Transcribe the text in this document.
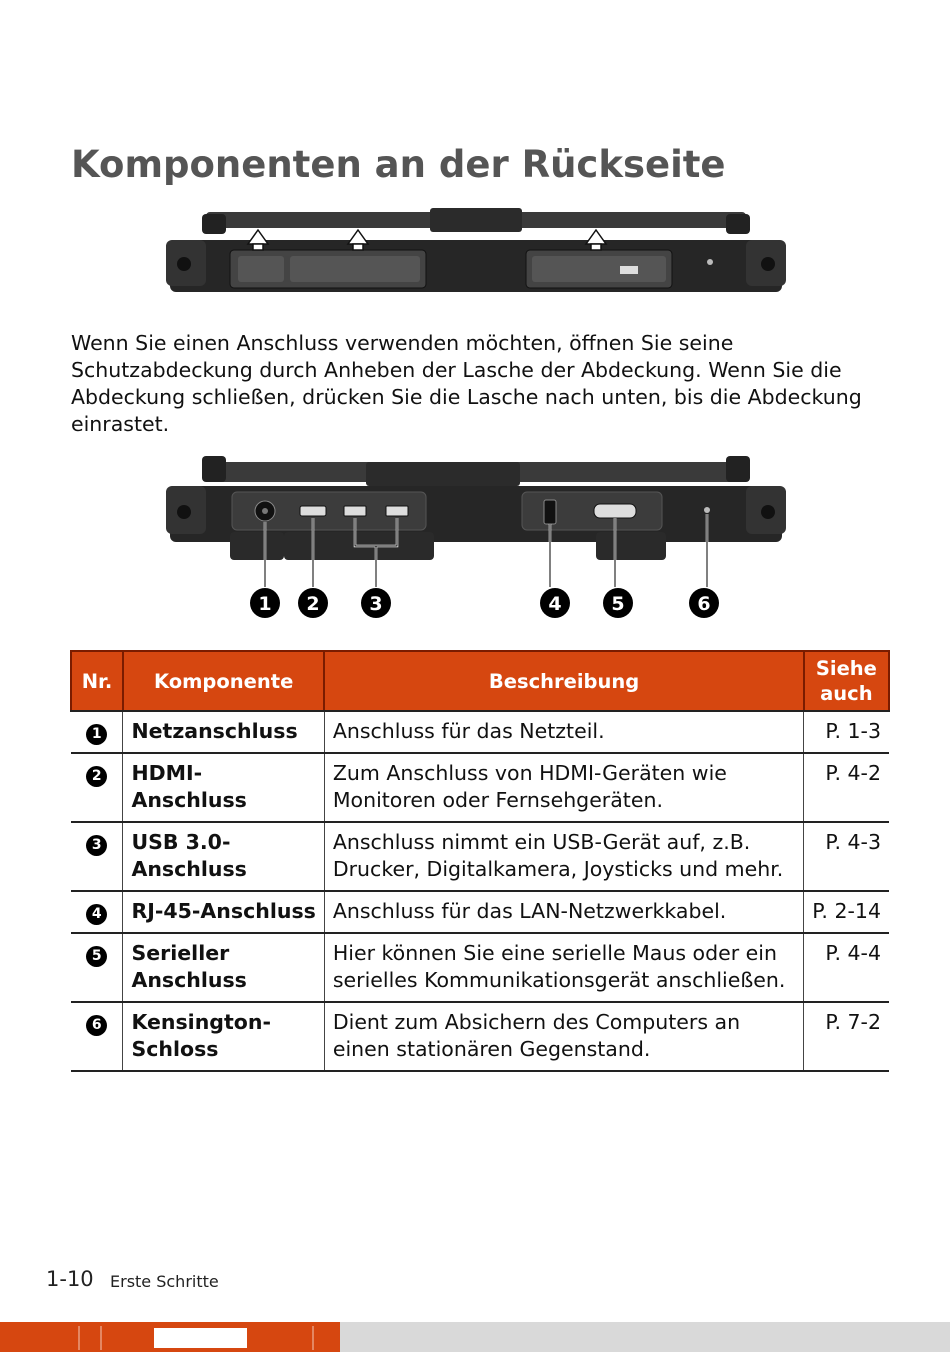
Komponenten an der Rückseite

Wenn Sie einen Anschluss verwenden möchten, öffnen Sie seine Schutzabdeckung durch Anheben der Lasche der Abdeckung. Wenn Sie die Abdeckung schließen, drücken Sie die Lasche nach unten, bis die Abdeckung einrastet.

1 2	3	4	5	6
Nr.	Komponente	Beschreibung	Siehe auch
1	Netzanschluss	Anschluss für das Netzteil.	P. 1-3
2	HDMI-Anschluss	Zum Anschluss von HDMI-Geräten wie Monitoren oder Fernsehgeräten.	P. 4-2
3	USB 3.0-Anschluss	Anschluss nimmt ein USB-Gerät auf, z.B. Drucker, Digitalkamera, Joysticks und mehr.	P. 4-3
4	RJ-45-Anschluss	Anschluss für das LAN-Netzwerkkabel.	P. 2-14
5	Serieller Anschluss	Hier können Sie eine serielle Maus oder ein serielles Kommunikationsgerät anschließen.	P. 4-4
6	Kensington-Schloss	Dient zum Absichern des Computers an einen stationären Gegenstand.	P. 7-2
1-10 Erste Schritte
